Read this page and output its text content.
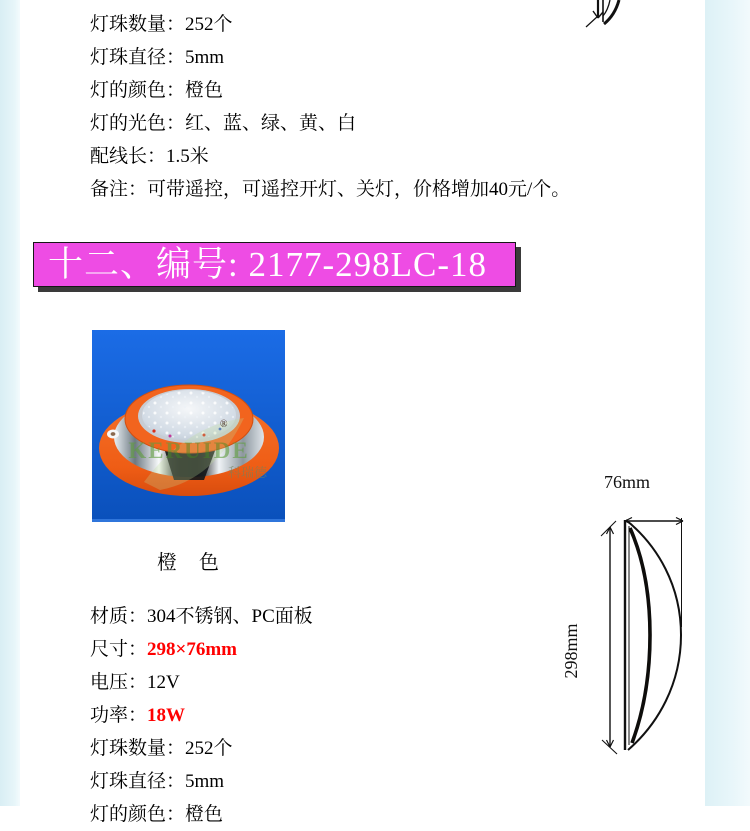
灯珠数量：252个
灯珠直径：5mm
灯的颜色：橙色
灯的光色：红、蓝、绿、黄、白
配线长：1.5米
备注：可带遥控，可遥控开灯、关灯，价格增加40元/个。
十二、编号: 2177-298LC-18
KERUIDE
科瑞德
®
橙　色
材质：304不锈钢、PC面板
尺寸：298×76mm
电压：12V
功率：18W
灯珠数量：252个
灯珠直径：5mm
灯的颜色：橙色
76mm
298mm
